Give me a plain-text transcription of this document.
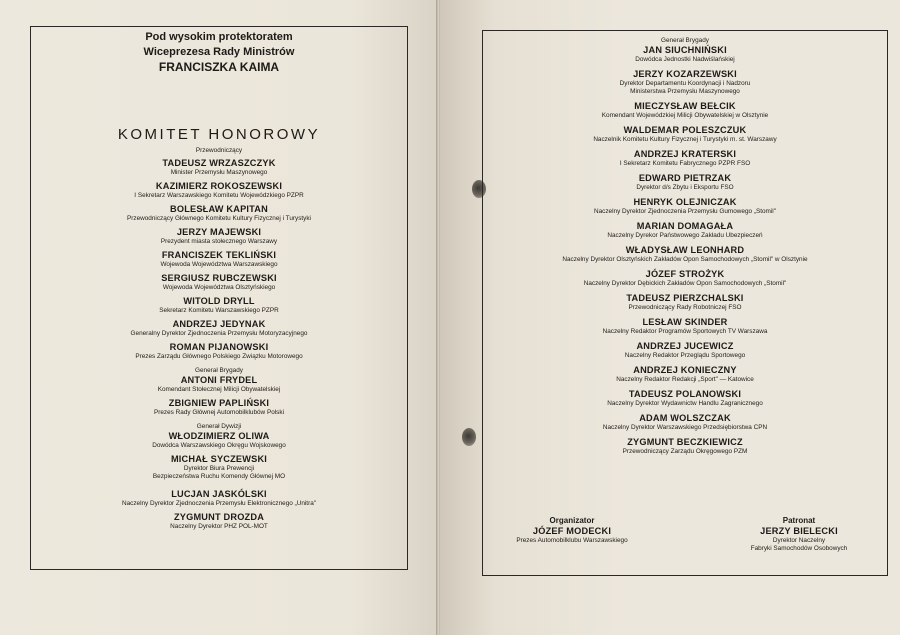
Pod wysokim protektoratem
Wiceprezesa Rady Ministrów
FRANCISZKA KAIMA
KOMITET HONOROWY
Przewodniczący
TADEUSZ WRZASZCZYK
Minister Przemysłu Maszynowego
KAZIMIERZ ROKOSZEWSKI
I Sekretarz Warszawskiego Komitetu Wojewódzkiego PZPR
BOLESŁAW KAPITAN
Przewodniczący Głównego Komitetu Kultury Fizycznej i Turystyki
JERZY MAJEWSKI
Prezydent miasta stołecznego Warszawy
FRANCISZEK TEKLIŃSKI
Wojewoda Województwa Warszawskiego
SERGIUSZ RUBCZEWSKI
Wojewoda Województwa Olsztyńskiego
WITOLD DRYLL
Sekretarz Komitetu Warszawskiego PZPR
ANDRZEJ JEDYNAK
Generalny Dyrektor Zjednoczenia Przemysłu Motoryzacyjnego
ROMAN PIJANOWSKI
Prezes Zarządu Głównego Polskiego Związku Motorowego
Generał Brygady
ANTONI FRYDEL
Komendant Stołecznej Milicji Obywatelskiej
ZBIGNIEW PAPLIŃSKI
Prezes Rady Głównej Automobilklubów Polski
Generał Dywizji
WŁODZIMIERZ OLIWA
Dowódca Warszawskiego Okręgu Wojskowego
MICHAŁ SYCZEWSKI
Dyrektor Biura Prewencji
Bezpieczeństwa Ruchu Komendy Głównej MO
LUCJAN JASKÓLSKI
Naczelny Dyrektor Zjednoczenia Przemysłu Elektronicznego „Unitra"
ZYGMUNT DROZDA
Naczelny Dyrektor PHZ POL-MOT
Generał Brygady
JAN SIUCHNIŃSKI
Dowódca Jednostki Nadwiślańskiej
JERZY KOZARZEWSKI
Dyrektor Departamentu Koordynacji i Nadzoru
Ministerstwa Przemysłu Maszynowego
MIECZYSŁAW BEŁCIK
Komendant Wojewódzkiej Milicji Obywatelskiej w Olsztynie
WALDEMAR POLESZCZUK
Naczelnik Komitetu Kultury Fizycznej i Turystyki m. st. Warszawy
ANDRZEJ KRATERSKI
I Sekretarz Komitetu Fabrycznego PZPR FSO
EDWARD PIETRZAK
Dyrektor d/s Zbytu i Eksportu FSO
HENRYK OLEJNICZAK
Naczelny Dyrektor Zjednoczenia Przemysłu Gumowego „Stomil"
MARIAN DOMAGAŁA
Naczelny Dyrekor Państwowego Zakładu Ubezpieczeń
WŁADYSŁAW LEONHARD
Naczelny Dyrektor Olsztyńskich Zakładów Opon Samochodowych „Stomil" w Olsztynie
JÓZEF STROŻYK
Naczelny Dyrektor Dębickich Zakładów Opon Samochodowych „Stomil"
TADEUSZ PIERZCHALSKI
Przewodniczący Rady Robotniczej FSO
LESŁAW SKINDER
Naczelny Redaktor Programów Sportowych TV Warszawa
ANDRZEJ JUCEWICZ
Naczelny Redaktor Przeglądu Sportowego
ANDRZEJ KONIECZNY
Naczelny Redaktor Redakcji „Sport" — Katowice
TADEUSZ POLANOWSKI
Naczelny Dyrektor Wydawnictw Handlu Zagranicznego
ADAM WOLSZCZAK
Naczelny Dyrektor Warszawskiego Przedsiębiorstwa CPN
ZYGMUNT BECZKIEWICZ
Przewodniczący Zarządu Okręgowego PZM
Organizator
JÓZEF MODECKI
Prezes Automobilklubu Warszawskiego
Patronat
JERZY BIELECKI
Dyrektor Naczelny
Fabryki Samochodów Osobowych
